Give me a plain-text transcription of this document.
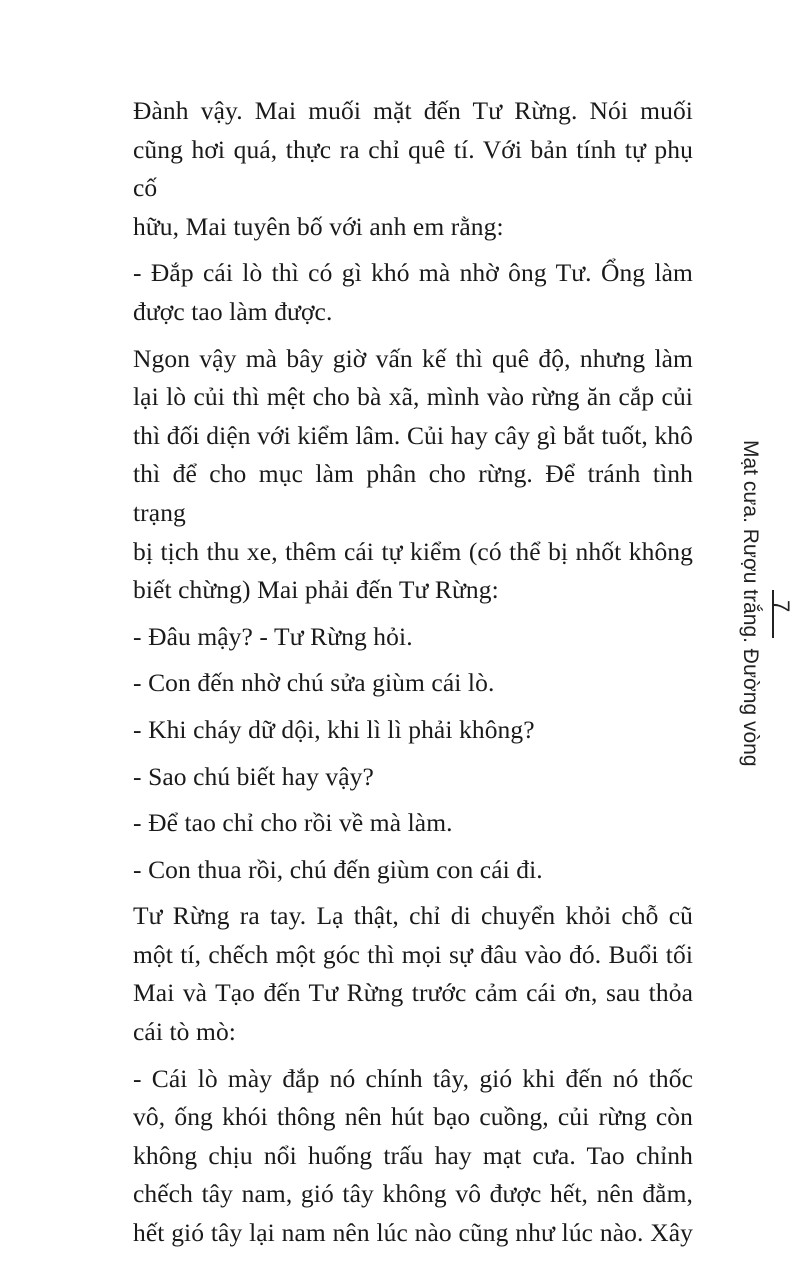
Đành vậy. Mai muối mặt đến Tư Rừng. Nói muối
cũng hơi quá, thực ra chỉ quê tí. Với bản tính tự phụ cố
hữu, Mai tuyên bố với anh em rằng:
- Đắp cái lò thì có gì khó mà nhờ ông Tư. Ổng làm
được tao làm được.
Ngon vậy mà bây giờ vấn kế thì quê độ, nhưng làm
lại lò củi thì mệt cho bà xã, mình vào rừng ăn cắp củi
thì đối diện với kiểm lâm. Củi hay cây gì bắt tuốt, khô
thì để cho mục làm phân cho rừng. Để tránh tình trạng
bị tịch thu xe, thêm cái tự kiểm (có thể bị nhốt không
biết chừng) Mai phải đến Tư Rừng:
- Đâu mậy? - Tư Rừng hỏi.
- Con đến nhờ chú sửa giùm cái lò.
- Khi cháy dữ dội, khi lì lì phải không?
- Sao chú biết hay vậy?
- Để tao chỉ cho rồi về mà làm.
- Con thua rồi, chú đến giùm con cái đi.
Tư Rừng ra tay. Lạ thật, chỉ di chuyển khỏi chỗ cũ
một tí, chếch một góc thì mọi sự đâu vào đó. Buổi tối
Mai và Tạo đến Tư Rừng trước cảm cái ơn, sau thỏa
cái tò mò:
- Cái lò mày đắp nó chính tây, gió khi đến nó thốc
vô, ống khói thông nên hút bạo cuồng, củi rừng còn
không chịu nổi huống trấu hay mạt cưa. Tao chỉnh
chếch tây nam, gió tây không vô được hết, nên đằm,
hết gió tây lại nam nên lúc nào cũng như lúc nào. Xây
Mạt cưa. Rượu trắng. Đường vòng 7
